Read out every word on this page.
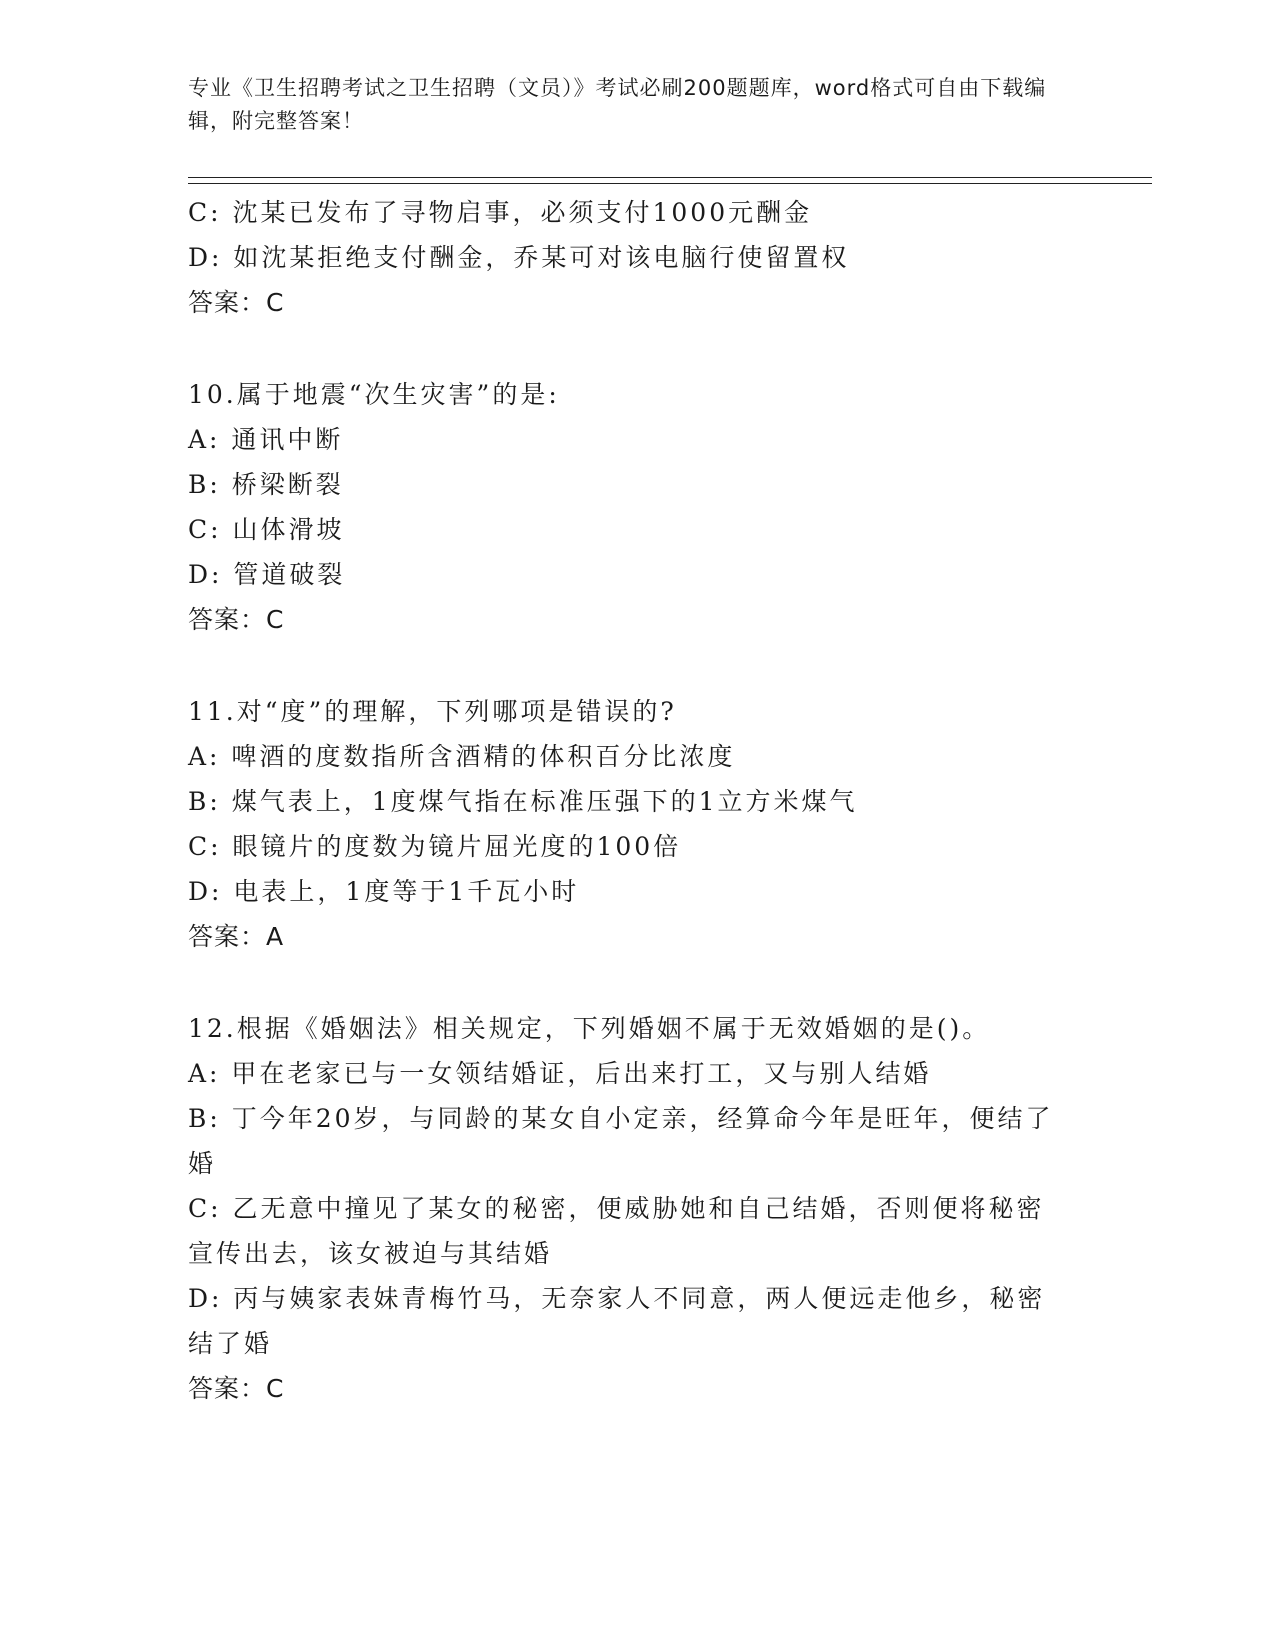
专业《卫生招聘考试之卫生招聘（文员）》考试必刷200题题库，word格式可自由下载编辑，附完整答案！

C: 沈某已发布了寻物启事，必须支付1000元酬金

D: 如沈某拒绝支付酬金，乔某可对该电脑行使留置权

答案：C

10.属于地震“次生灾害”的是:

A: 通讯中断

B: 桥梁断裂

C: 山体滑坡

D: 管道破裂

答案：C

11.对“度”的理解，下列哪项是错误的?

A: 啤酒的度数指所含酒精的体积百分比浓度

B: 煤气表上，1度煤气指在标准压强下的1立方米煤气

C: 眼镜片的度数为镜片屈光度的100倍

D: 电表上，1度等于1千瓦小时

答案：A

12.根据《婚姻法》相关规定，下列婚姻不属于无效婚姻的是()。

A: 甲在老家已与一女领结婚证，后出来打工，又与别人结婚

B: 丁今年20岁，与同龄的某女自小定亲，经算命今年是旺年，便结了婚

C: 乙无意中撞见了某女的秘密，便威胁她和自己结婚，否则便将秘密宣传出去，该女被迫与其结婚

D: 丙与姨家表妹青梅竹马，无奈家人不同意，两人便远走他乡，秘密结了婚

答案：C
